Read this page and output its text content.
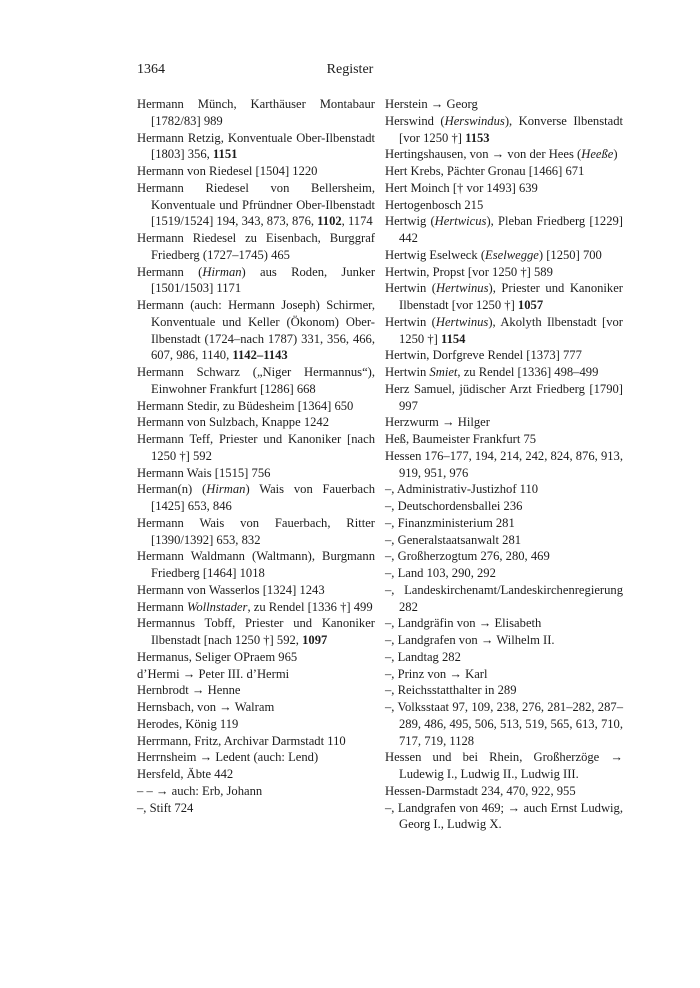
1364	Register

Hermann Münch, Karthäuser Montabaur [1782/83] 989

Hermann Retzig, Konventuale Ober-Ilbenstadt [1803] 356, 1151

Hermann von Riedesel [1504] 1220

Hermann Riedesel von Bellersheim, Konventuale und Pfründner Ober-Ilbenstadt [1519/1524] 194, 343, 873, 876, 1102, 1174

Hermann Riedesel zu Eisenbach, Burggraf Friedberg (1727–1745) 465

Hermann (Hirman) aus Roden, Junker [1501/1503] 1171

Hermann (auch: Hermann Joseph) Schirmer, Konventuale und Keller (Ökonom) Ober-Ilbenstadt (1724–nach 1787) 331, 356, 466, 607, 986, 1140, 1142–1143

Hermann Schwarz („Niger Hermannus“), Einwohner Frankfurt [1286] 668

Hermann Stedir, zu Büdesheim [1364] 650

Hermann von Sulzbach, Knappe 1242

Hermann Teff, Priester und Kanoniker [nach 1250 †] 592

Hermann Wais [1515] 756

Herman(n) (Hirman) Wais von Fauerbach [1425] 653, 846

Hermann Wais von Fauerbach, Ritter [1390/1392] 653, 832

Hermann Waldmann (Waltmann), Burgmann Friedberg [1464] 1018

Hermann von Wasserlos [1324] 1243

Hermann Wollnstader, zu Rendel [1336 †] 499

Hermannus Tobff, Priester und Kanoniker Ilbenstadt [nach 1250 †] 592, 1097

Hermanus, Seliger OPraem 965

d’Hermi → Peter III. d’Hermi

Hernbrodt → Henne

Hernsbach, von → Walram

Herodes, König 119

Herrmann, Fritz, Archivar Darmstadt 110

Herrnsheim → Ledent (auch: Lend)

Hersfeld, Äbte 442

– – → auch: Erb, Johann

–, Stift 724

Herstein → Georg

Herswind (Herswindus), Konverse Ilbenstadt [vor 1250 †] 1153

Hertingshausen, von → von der Hees (Heeße)

Hert Krebs, Pächter Gronau [1466] 671

Hert Moinch [† vor 1493] 639

Hertogenbosch 215

Hertwig (Hertwicus), Pleban Friedberg [1229] 442

Hertwig Eselweck (Eselwegge) [1250] 700

Hertwin, Propst [vor 1250 †] 589

Hertwin (Hertwinus), Priester und Kanoniker Ilbenstadt [vor 1250 †] 1057

Hertwin (Hertwinus), Akolyth Ilbenstadt [vor 1250 †] 1154

Hertwin, Dorfgreve Rendel [1373] 777

Hertwin Smiet, zu Rendel [1336] 498–499

Herz Samuel, jüdischer Arzt Friedberg [1790] 997

Herzwurm → Hilger

Heß, Baumeister Frankfurt 75

Hessen 176–177, 194, 214, 242, 824, 876, 913, 919, 951, 976

–, Administrativ-Justizhof 110

–, Deutschordensballei 236

–, Finanzministerium 281

–, Generalstaatsanwalt 281

–, Großherzogtum 276, 280, 469

–, Land 103, 290, 292

–, Landeskirchenamt/Landeskirchenregierung 282

–, Landgräfin von → Elisabeth

–, Landgrafen von → Wilhelm II.

–, Landtag 282

–, Prinz von → Karl

–, Reichsstatthalter in 289

–, Volksstaat 97, 109, 238, 276, 281–282, 287–289, 486, 495, 506, 513, 519, 565, 613, 710, 717, 719, 1128

Hessen und bei Rhein, Großherzöge → Ludewig I., Ludwig II., Ludwig III.

Hessen-Darmstadt 234, 470, 922, 955

–, Landgrafen von 469; → auch Ernst Ludwig, Georg I., Ludwig X.
